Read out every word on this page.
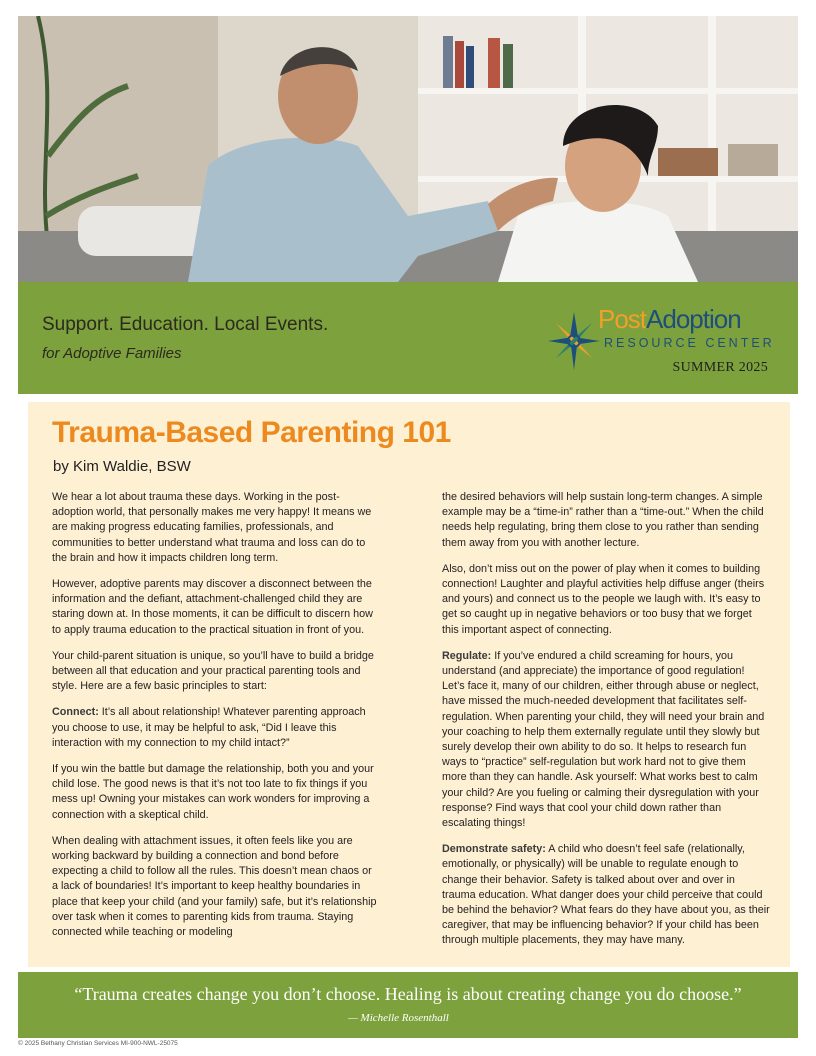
Support. Education. Local Events.
for Adoptive Families
PostAdoption
RESOURCE CENTER
SUMMER 2025
Trauma-Based Parenting 101
by Kim Waldie, BSW

We hear a lot about trauma these days. Working in the post-adoption world, that personally makes me very happy! It means we are making progress educating families, professionals, and communities to better understand what trauma and loss can do to the brain and how it impacts children long term.

However, adoptive parents may discover a disconnect between the information and the defiant, attachment-challenged child they are staring down at. In those moments, it can be difficult to discern how to apply trauma education to the practical situation in front of you.

Your child-parent situation is unique, so you’ll have to build a bridge between all that education and your practical parenting tools and style. Here are a few basic principles to start:

Connect: It’s all about relationship! Whatever parenting approach you choose to use, it may be helpful to ask, “Did I leave this interaction with my connection to my child intact?”

If you win the battle but damage the relationship, both you and your child lose. The good news is that it’s not too late to fix things if you mess up! Owning your mistakes can work wonders for improving a connection with a skeptical child.

When dealing with attachment issues, it often feels like you are working backward by building a connection and bond before expecting a child to follow all the rules. This doesn’t mean chaos or a lack of boundaries! It’s important to keep healthy boundaries in place that keep your child (and your family) safe, but it’s relationship over task when it comes to parenting kids from trauma. Staying connected while teaching or modeling

the desired behaviors will help sustain long-term changes. A simple example may be a “time-in” rather than a “time-out.” When the child needs help regulating, bring them close to you rather than sending them away from you with another lecture.

Also, don’t miss out on the power of play when it comes to building connection! Laughter and playful activities help diffuse anger (theirs and yours) and connect us to the people we laugh with. It’s easy to get so caught up in negative behaviors or too busy that we forget this important aspect of connecting.

Regulate: If you’ve endured a child screaming for hours, you understand (and appreciate) the importance of good regulation! Let’s face it, many of our children, either through abuse or neglect, have missed the much-needed development that facilitates self-regulation. When parenting your child, they will need your brain and your coaching to help them externally regulate until they slowly but surely develop their own ability to do so. It helps to research fun ways to “practice” self-regulation but work hard not to give them more than they can handle. Ask yourself: What works best to calm your child? Are you fueling or calming their dysregulation with your response? Find ways that cool your child down rather than escalating things!

Demonstrate safety: A child who doesn’t feel safe (relationally, emotionally, or physically) will be unable to regulate enough to change their behavior. Safety is talked about over and over in trauma education. What danger does your child perceive that could be behind the behavior? What fears do they have about you, as their caregiver, that may be influencing behavior? If your child has been through multiple placements, they may have many.

“Trauma creates change you don’t choose. Healing is about creating change you do choose.”
— Michelle Rosenthall
© 2025 Bethany Christian Services MI-900-NWL-25075
